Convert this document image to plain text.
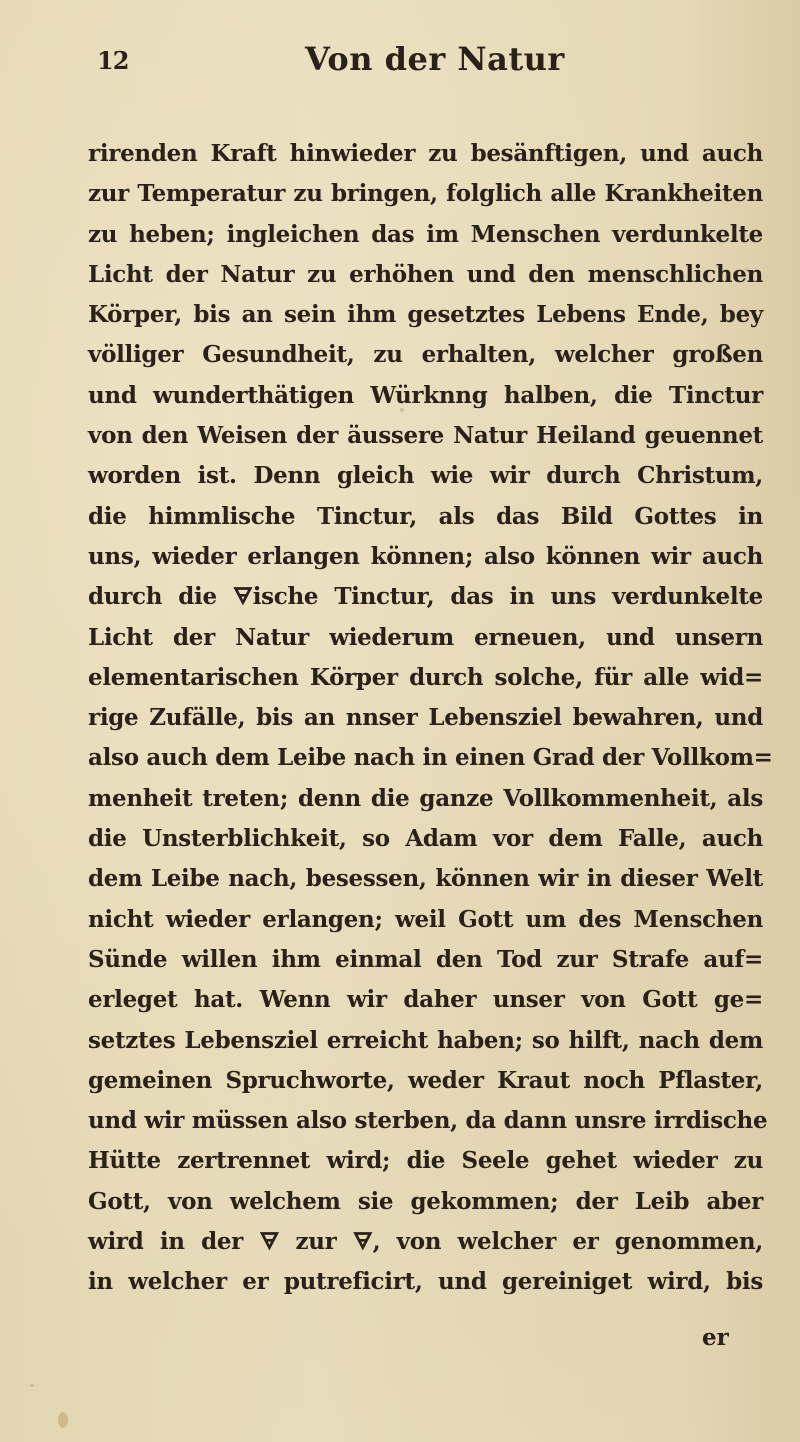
12	Von der Natur
rirenden Kraft hinwieder zu besänftigen, und auch
zur Temperatur zu bringen, folglich alle Krankheiten
zu heben; ingleichen das im Menschen verdunkelte
Licht der Natur zu erhöhen und den menschlichen
Körper, bis an sein ihm gesetztes Lebens Ende, bey
völliger Gesundheit, zu erhalten, welcher großen
und wunderthätigen Würknng halben, die Tinctur
von den Weisen der äussere Natur Heiland geuennet
worden ist. Denn gleich wie wir durch Christum,
die himmlische Tinctur, als das Bild Gottes in
uns, wieder erlangen können; also können wir auch
durch die 🜃ische Tinctur, das in uns verdunkelte
Licht der Natur wiederum erneuen, und unsern
elementarischen Körper durch solche, für alle wid=
rige Zufälle, bis an nnser Lebensziel bewahren, und
also auch dem Leibe nach in einen Grad der Vollkom=
menheit treten; denn die ganze Vollkommenheit, als
die Unsterblichkeit, so Adam vor dem Falle, auch
dem Leibe nach, besessen, können wir in dieser Welt
nicht wieder erlangen; weil Gott um des Menschen
Sünde willen ihm einmal den Tod zur Strafe auf=
erleget hat. Wenn wir daher unser von Gott ge=
setztes Lebensziel erreicht haben; so hilft, nach dem
gemeinen Spruchworte, weder Kraut noch Pflaster,
und wir müssen also sterben, da dann unsre irrdische
Hütte zertrennet wird; die Seele gehet wieder zu
Gott, von welchem sie gekommen; der Leib aber
wird in der 🜃 zur 🜃, von welcher er genommen,
in welcher er putreficirt, und gereiniget wird, bis
er
